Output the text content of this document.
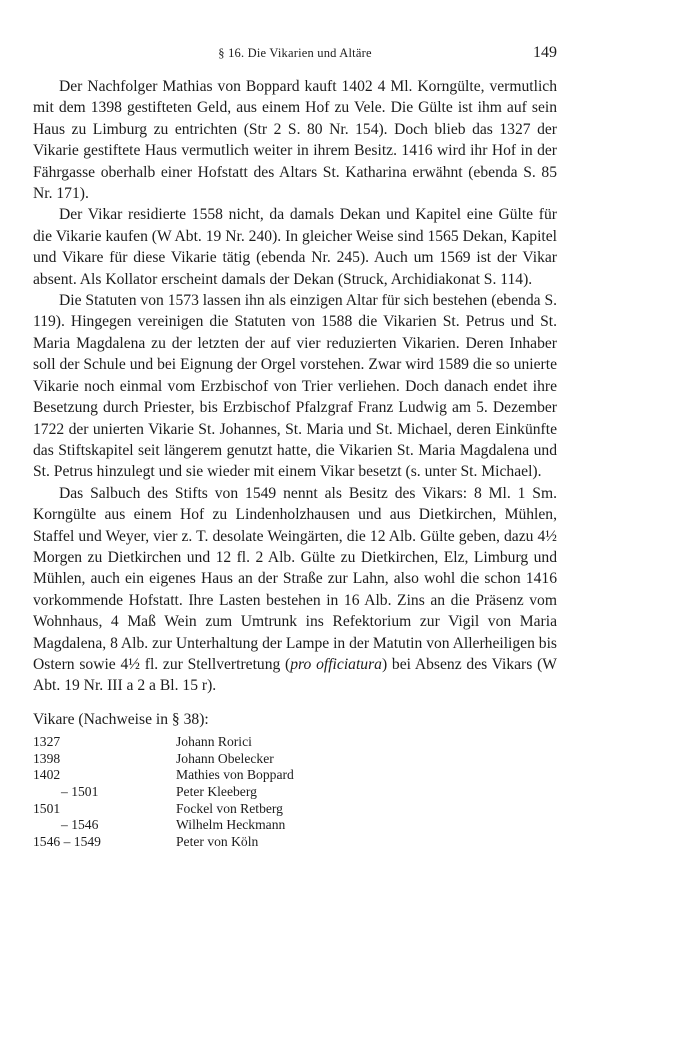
§ 16. Die Vikarien und Altäre	149

Der Nachfolger Mathias von Boppard kauft 1402 4 Ml. Korngülte, vermutlich mit dem 1398 gestifteten Geld, aus einem Hof zu Vele. Die Gülte ist ihm auf sein Haus zu Limburg zu entrichten (Str 2 S. 80 Nr. 154). Doch blieb das 1327 der Vikarie gestiftete Haus vermutlich weiter in ihrem Besitz. 1416 wird ihr Hof in der Fährgasse oberhalb einer Hofstatt des Altars St. Katharina erwähnt (ebenda S. 85 Nr. 171).

Der Vikar residierte 1558 nicht, da damals Dekan und Kapitel eine Gülte für die Vikarie kaufen (W Abt. 19 Nr. 240). In gleicher Weise sind 1565 Dekan, Kapitel und Vikare für diese Vikarie tätig (ebenda Nr. 245). Auch um 1569 ist der Vikar absent. Als Kollator erscheint damals der Dekan (Struck, Archidiakonat S. 114).

Die Statuten von 1573 lassen ihn als einzigen Altar für sich bestehen (ebenda S. 119). Hingegen vereinigen die Statuten von 1588 die Vikarien St. Petrus und St. Maria Magdalena zu der letzten der auf vier reduzierten Vikarien. Deren Inhaber soll der Schule und bei Eignung der Orgel vorstehen. Zwar wird 1589 die so unierte Vikarie noch einmal vom Erzbischof von Trier verliehen. Doch danach endet ihre Besetzung durch Priester, bis Erzbischof Pfalzgraf Franz Ludwig am 5. Dezember 1722 der unierten Vikarie St. Johannes, St. Maria und St. Michael, deren Einkünfte das Stiftskapitel seit längerem genutzt hatte, die Vikarien St. Maria Magdalena und St. Petrus hinzulegt und sie wieder mit einem Vikar besetzt (s. unter St. Michael).

Das Salbuch des Stifts von 1549 nennt als Besitz des Vikars: 8 Ml. 1 Sm. Korngülte aus einem Hof zu Lindenholzhausen und aus Dietkirchen, Mühlen, Staffel und Weyer, vier z. T. desolate Weingärten, die 12 Alb. Gülte geben, dazu 4½ Morgen zu Dietkirchen und 12 fl. 2 Alb. Gülte zu Dietkirchen, Elz, Limburg und Mühlen, auch ein eigenes Haus an der Straße zur Lahn, also wohl die schon 1416 vorkommende Hofstatt. Ihre Lasten bestehen in 16 Alb. Zins an die Präsenz vom Wohnhaus, 4 Maß Wein zum Umtrunk ins Refektorium zur Vigil von Maria Magdalena, 8 Alb. zur Unterhaltung der Lampe in der Matutin von Allerheiligen bis Ostern sowie 4½ fl. zur Stellvertretung (pro officiatura) bei Absenz des Vikars (W Abt. 19 Nr. III a 2 a Bl. 15 r).

Vikare (Nachweise in § 38):
1327	Johann Rorici
1398	Johann Obelecker
1402	Mathies von Boppard
– 1501	Peter Kleeberg
1501	Fockel von Retberg
– 1546	Wilhelm Heckmann
1546 – 1549	Peter von Köln
